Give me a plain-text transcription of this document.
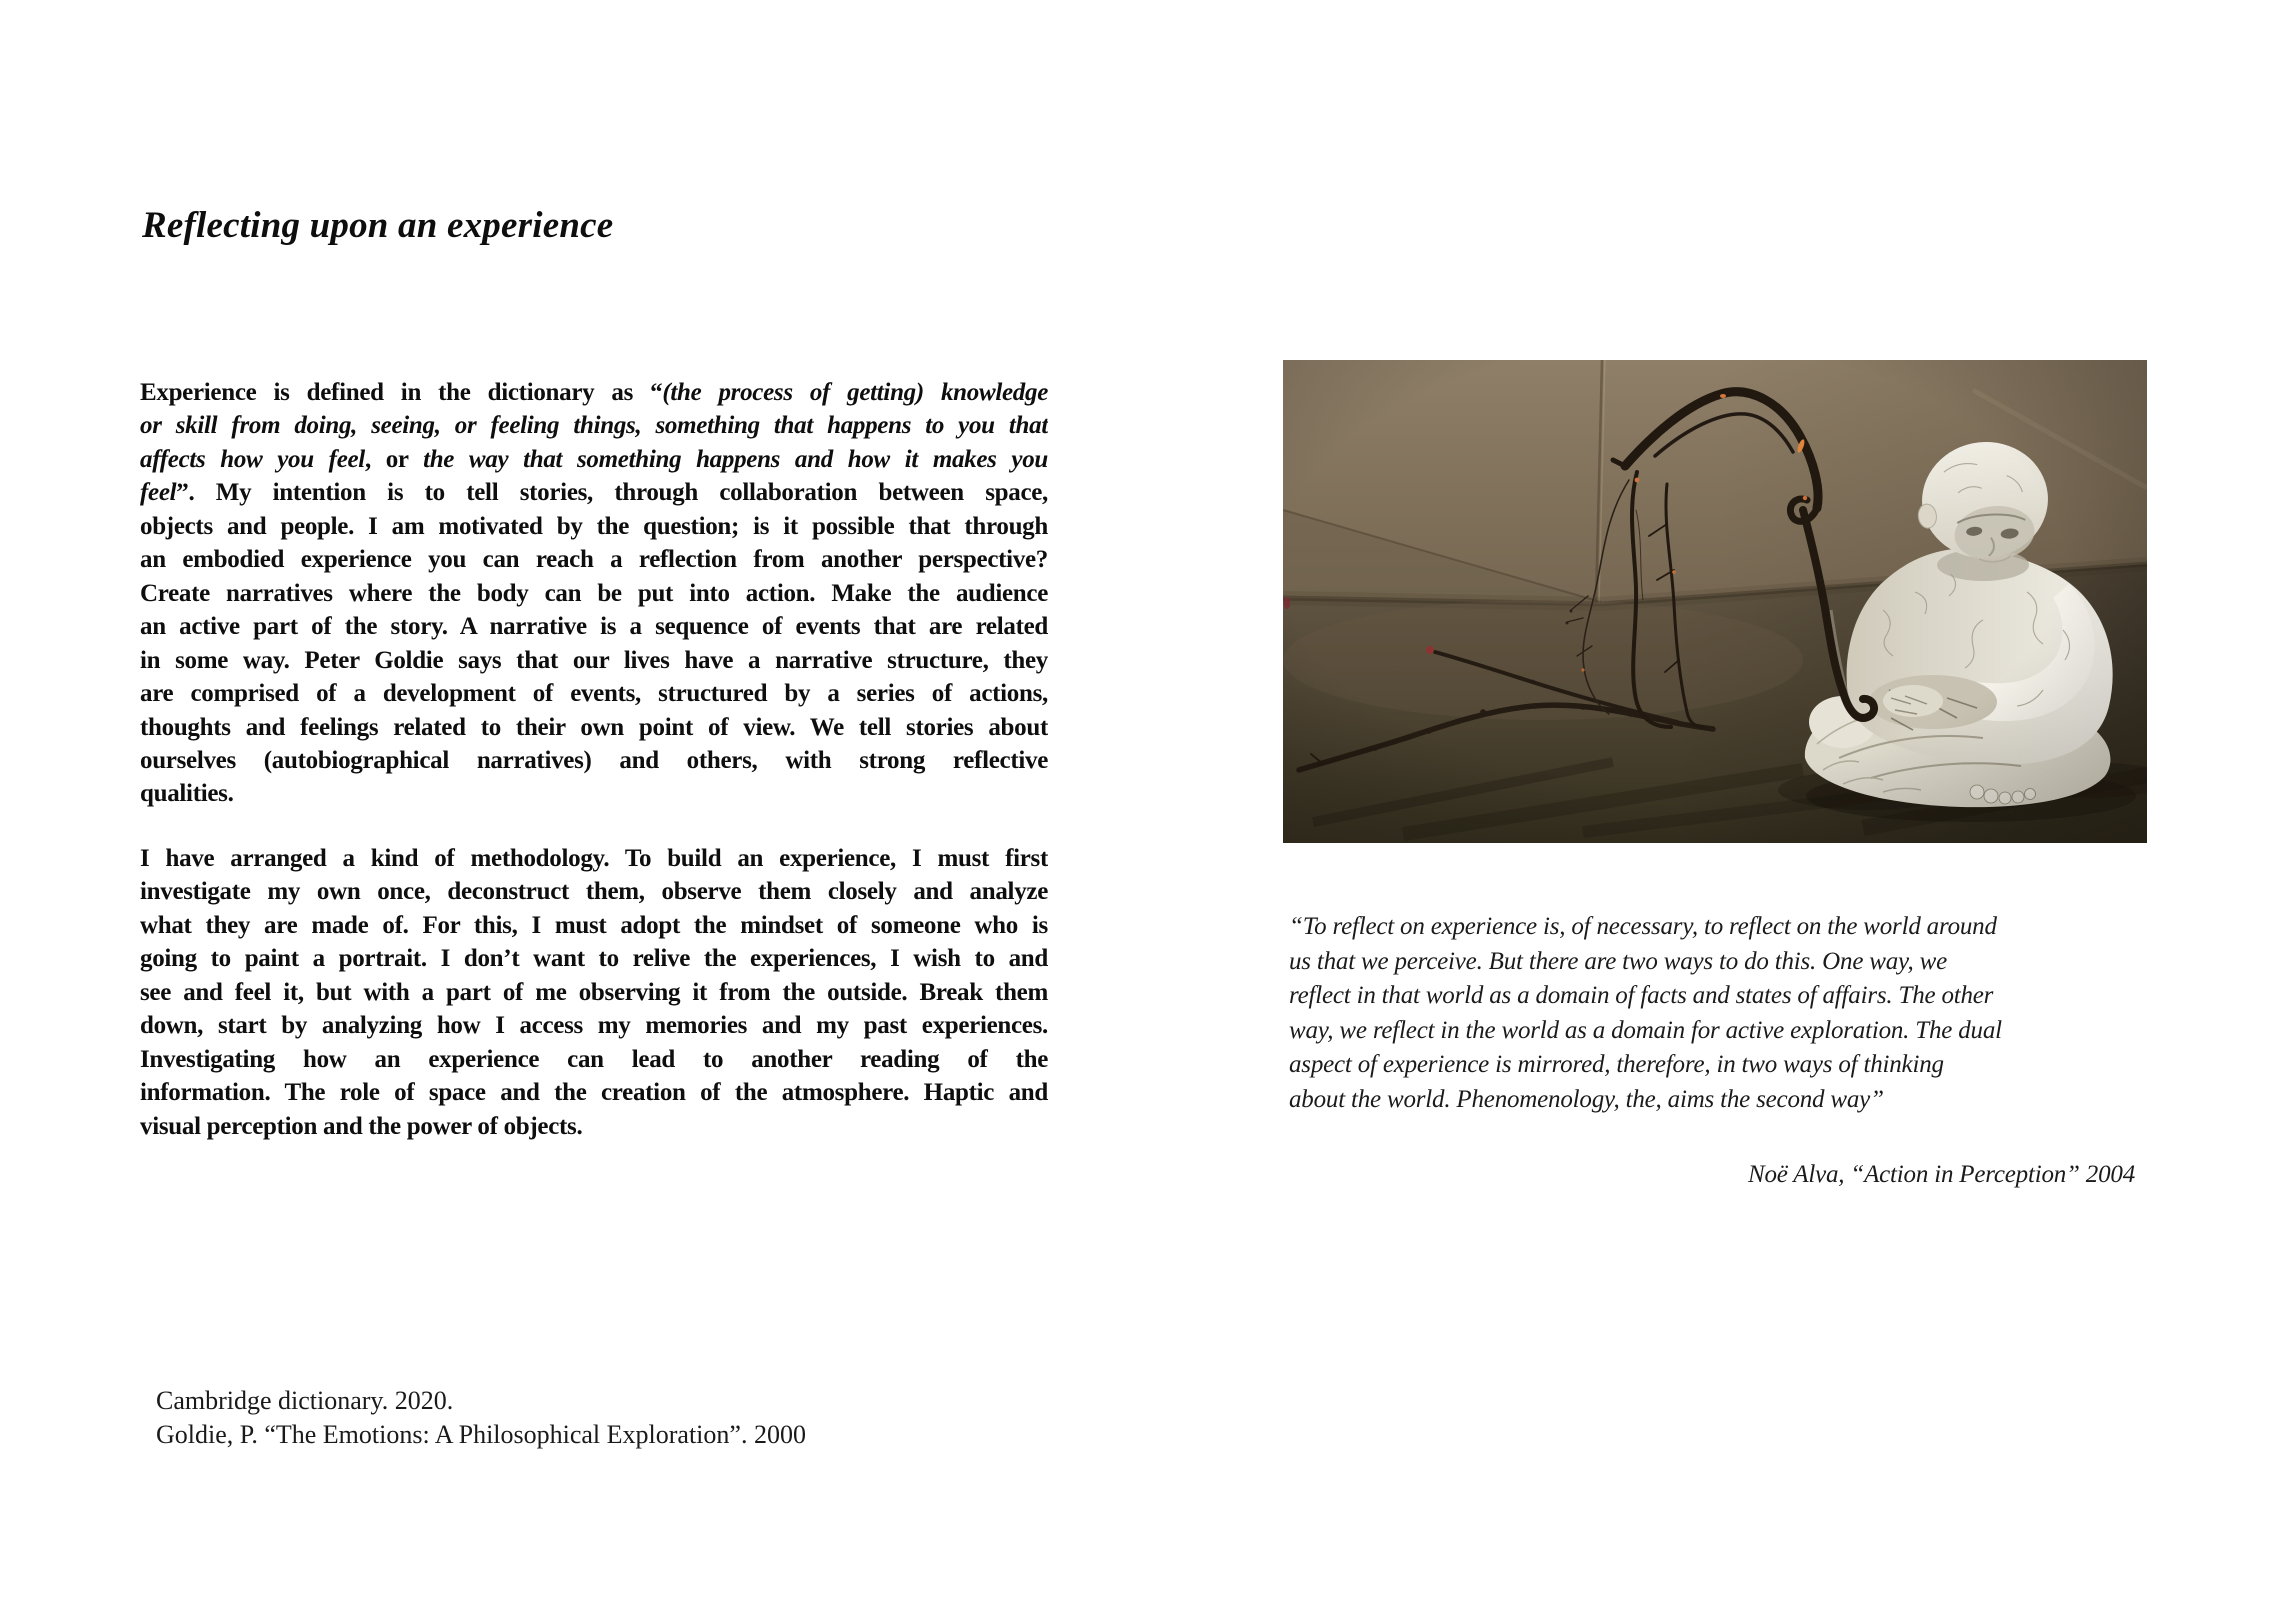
Reflecting upon an experience
Experience is defined in the dictionary as “(the process of getting) knowledge
or skill from doing, seeing, or feeling things, something that happens to you that
affects how you feel, or the way that something happens and how it makes you
feel”. My intention is to tell stories, through collaboration between space,
objects and people. I am motivated by the question; is it possible that through
an embodied experience you can reach a reflection from another perspective?
Create narratives where the body can be put into action. Make the audience
an active part of the story. A narrative is a sequence of events that are related
in some way. Peter Goldie says that our lives have a narrative structure, they
are comprised of a development of events, structured by a series of actions,
thoughts and feelings related to their own point of view. We tell stories about
ourselves (autobiographical narratives) and others, with strong reflective
qualities.
I have arranged a kind of methodology. To build an experience, I must first
investigate my own once, deconstruct them, observe them closely and analyze
what they are made of. For this, I must adopt the mindset of someone who is
going to paint a portrait. I don’t want to relive the experiences, I wish to and
see and feel it, but with a part of me observing it from the outside. Break them
down, start by analyzing how I access my memories and my past experiences.
Investigating how an experience can lead to another reading of the
information. The role of space and the creation of the atmosphere. Haptic and
visual perception and the power of objects.
Cambridge dictionary. 2020.
Goldie, P. “The Emotions: A Philosophical Exploration”. 2000
“To reflect on experience is, of necessary, to reflect on the world around
us that we perceive. But there are two ways to do this. One way, we
reflect in that world as a domain of facts and states of affairs. The other
way, we reflect in the world as a domain for active exploration. The dual
aspect of experience is mirrored, therefore, in two ways of thinking
about the world. Phenomenology, the, aims the second way”
Noë Alva, “Action in Perception” 2004
